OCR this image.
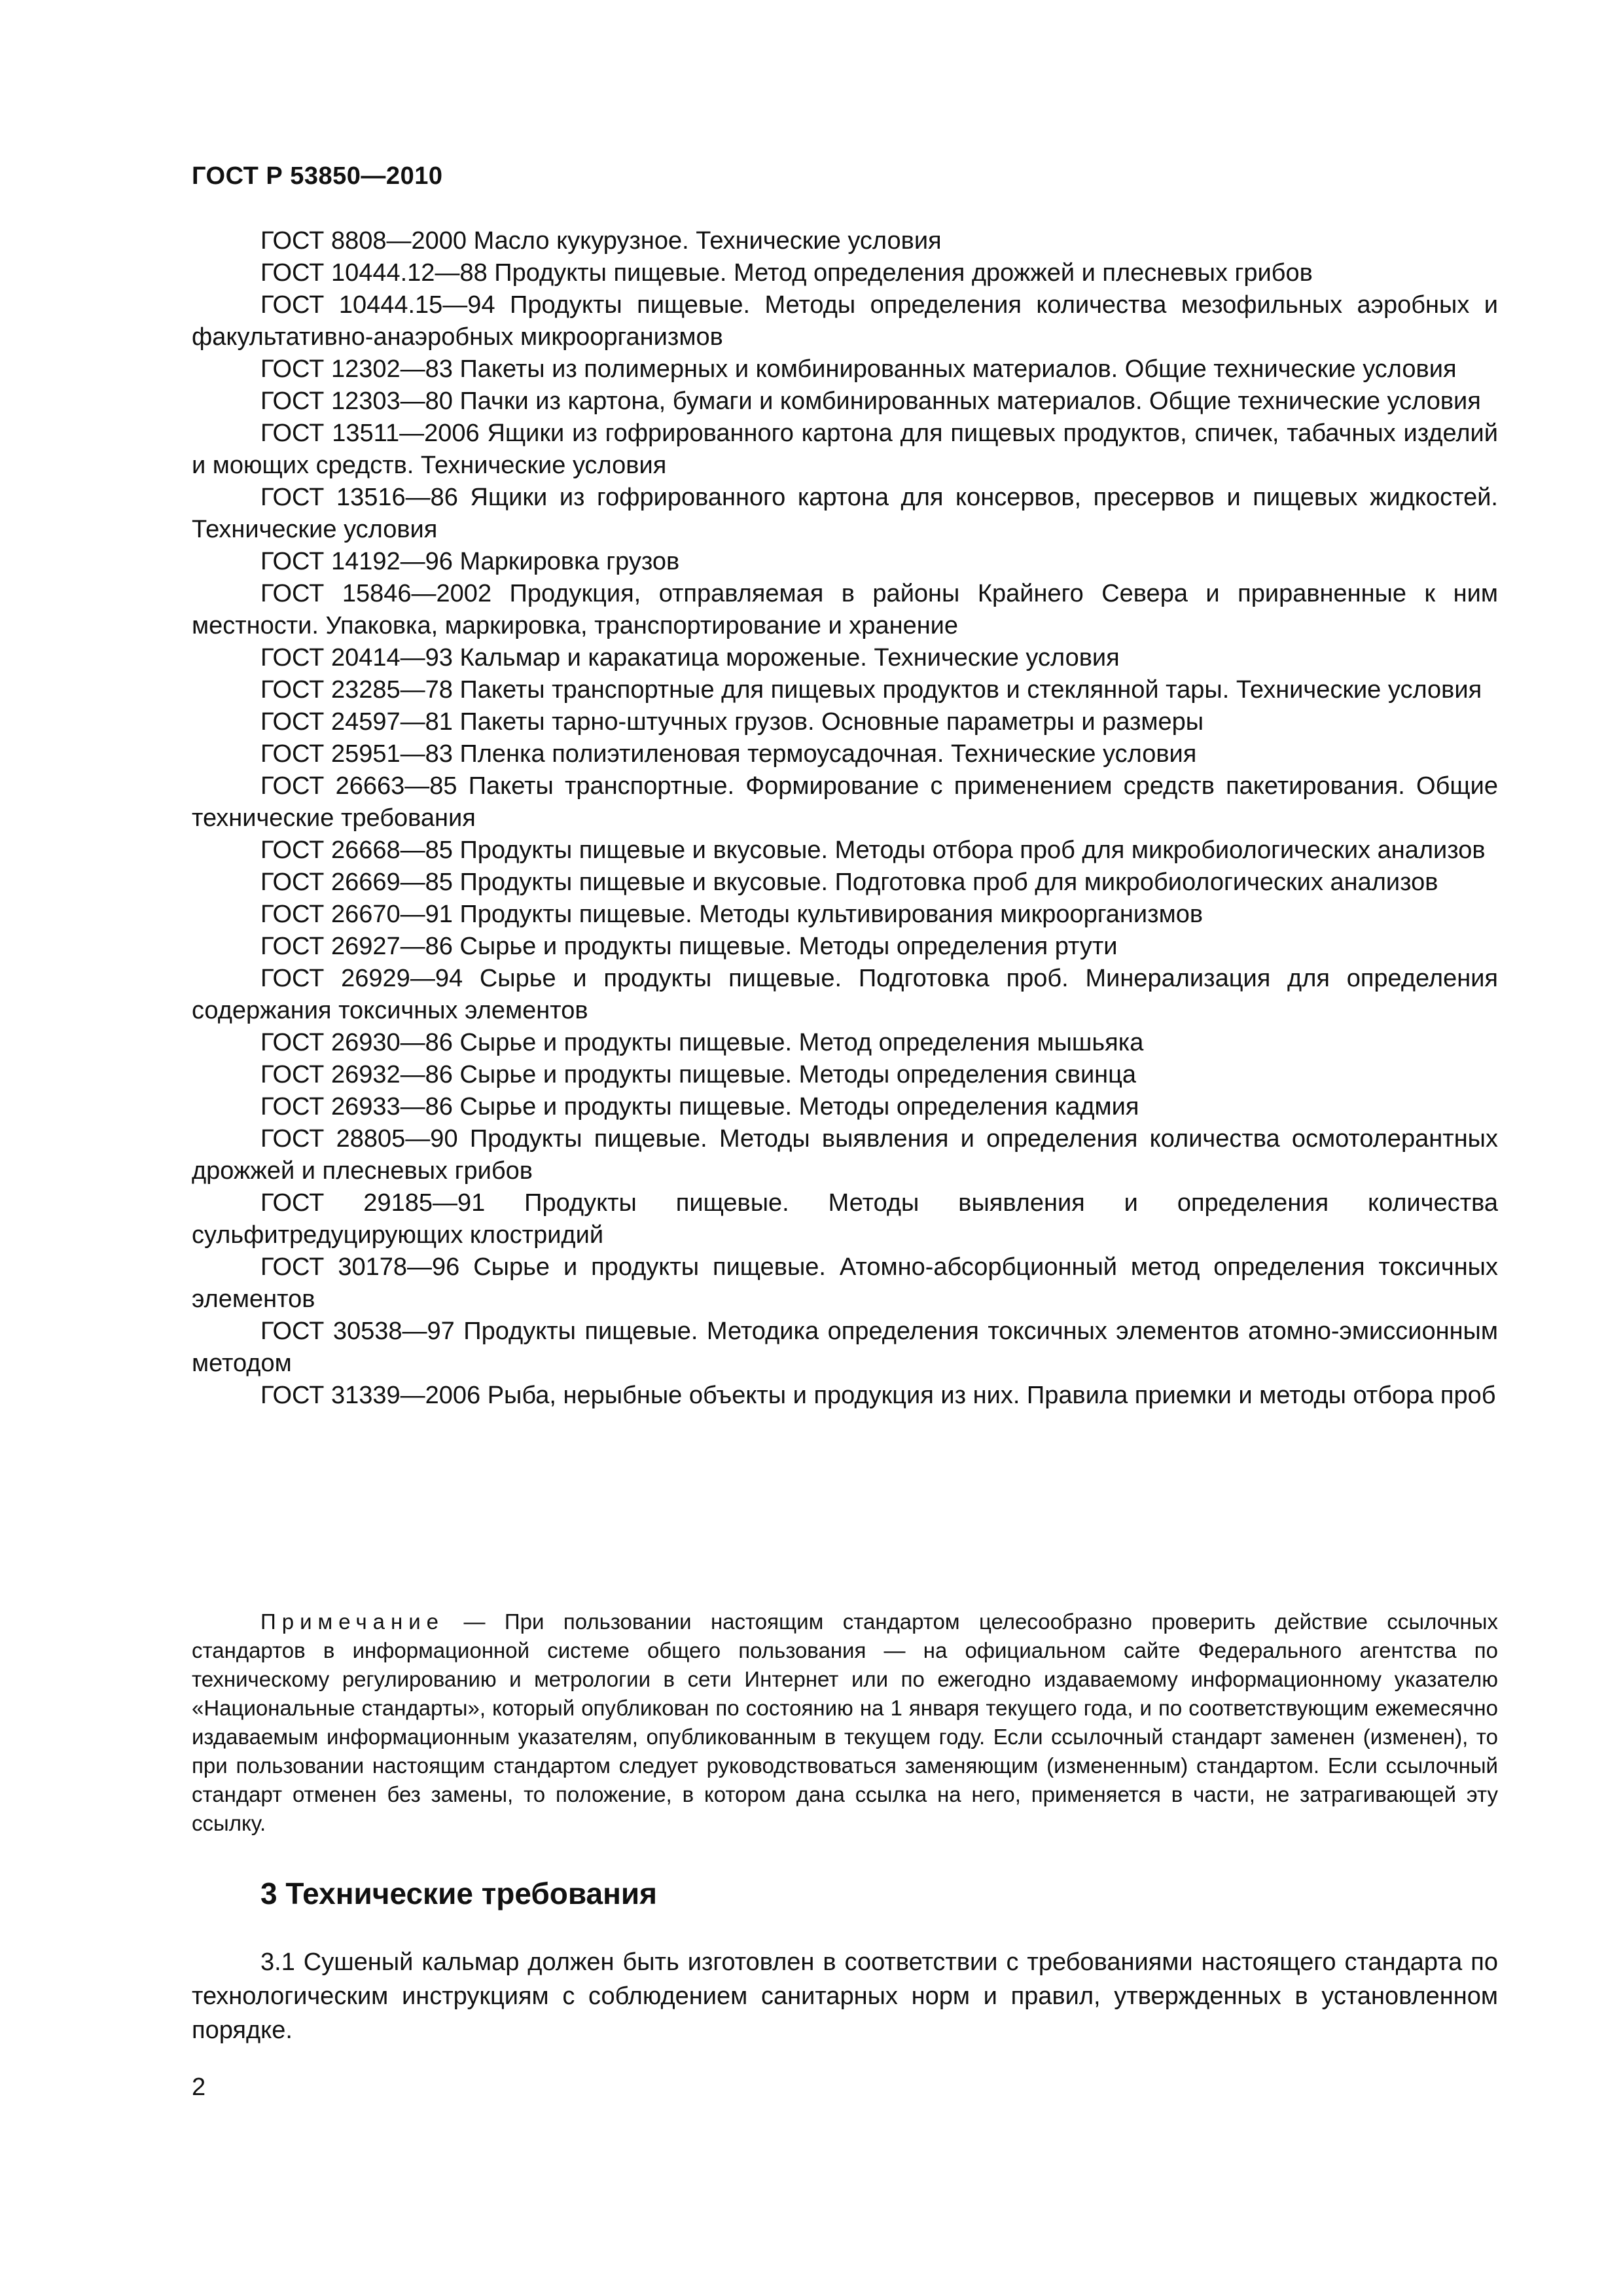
ГОСТ Р 53850—2010

ГОСТ 8808—2000 Масло кукурузное. Технические условия

ГОСТ 10444.12—88 Продукты пищевые. Метод определения дрожжей и плесневых грибов

ГОСТ 10444.15—94 Продукты пищевые. Методы определения количества мезофильных аэробных и факультативно-анаэробных микроорганизмов

ГОСТ 12302—83 Пакеты из полимерных и комбинированных материалов. Общие технические условия

ГОСТ 12303—80 Пачки из картона, бумаги и комбинированных материалов. Общие технические условия

ГОСТ 13511—2006 Ящики из гофрированного картона для пищевых продуктов, спичек, табачных изделий и моющих средств. Технические условия

ГОСТ 13516—86 Ящики из гофрированного картона для консервов, пресервов и пищевых жидкостей. Технические условия

ГОСТ 14192—96 Маркировка грузов

ГОСТ 15846—2002 Продукция, отправляемая в районы Крайнего Севера и приравненные к ним местности. Упаковка, маркировка, транспортирование и хранение

ГОСТ 20414—93 Кальмар и каракатица мороженые. Технические условия

ГОСТ 23285—78 Пакеты транспортные для пищевых продуктов и стеклянной тары. Технические условия

ГОСТ 24597—81 Пакеты тарно-штучных грузов. Основные параметры и размеры

ГОСТ 25951—83 Пленка полиэтиленовая термоусадочная. Технические условия

ГОСТ 26663—85 Пакеты транспортные. Формирование с применением средств пакетирования. Общие технические требования

ГОСТ 26668—85 Продукты пищевые и вкусовые. Методы отбора проб для микробиологических анализов

ГОСТ 26669—85 Продукты пищевые и вкусовые. Подготовка проб для микробиологических анализов

ГОСТ 26670—91 Продукты пищевые. Методы культивирования микроорганизмов

ГОСТ 26927—86 Сырье и продукты пищевые. Методы определения ртути

ГОСТ 26929—94 Сырье и продукты пищевые. Подготовка проб. Минерализация для определения содержания токсичных элементов

ГОСТ 26930—86 Сырье и продукты пищевые. Метод определения мышьяка

ГОСТ 26932—86 Сырье и продукты пищевые. Методы определения свинца

ГОСТ 26933—86 Сырье и продукты пищевые. Методы определения кадмия

ГОСТ 28805—90 Продукты пищевые. Методы выявления и определения количества осмотолерантных дрожжей и плесневых грибов

ГОСТ 29185—91 Продукты пищевые. Методы выявления и определения количества сульфитредуцирующих клостридий

ГОСТ 30178—96 Сырье и продукты пищевые. Атомно-абсорбционный метод определения токсичных элементов

ГОСТ 30538—97 Продукты пищевые. Методика определения токсичных элементов атомно-эмиссионным методом

ГОСТ 31339—2006 Рыба, нерыбные объекты и продукция из них. Правила приемки и методы отбора проб

Примечание — При пользовании настоящим стандартом целесообразно проверить действие ссылочных стандартов в информационной системе общего пользования — на официальном сайте Федерального агентства по техническому регулированию и метрологии в сети Интернет или по ежегодно издаваемому информационному указателю «Национальные стандарты», который опубликован по состоянию на 1 января текущего года, и по соответствующим ежемесячно издаваемым информационным указателям, опубликованным в текущем году. Если ссылочный стандарт заменен (изменен), то при пользовании настоящим стандартом следует руководствоваться заменяющим (измененным) стандартом. Если ссылочный стандарт отменен без замены, то положение, в котором дана ссылка на него, применяется в части, не затрагивающей эту ссылку.
3 Технические требования
3.1 Сушеный кальмар должен быть изготовлен в соответствии с требованиями настоящего стандарта по технологическим инструкциям с соблюдением санитарных норм и правил, утвержденных в установленном порядке.
2
